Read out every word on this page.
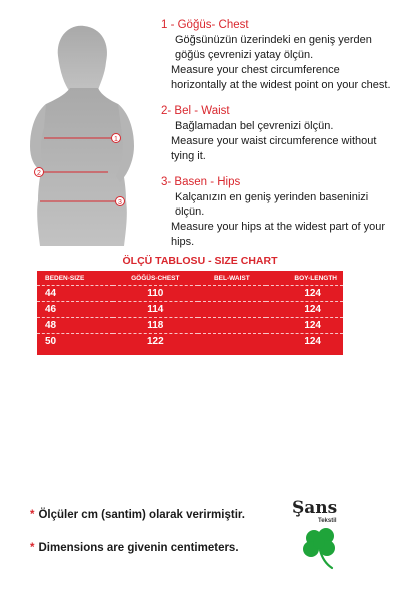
1
2
3
1 - Göğüs- Chest

Göğsünüzün üzerindeki en geniş yerden göğüs çevrenizi yatay ölçün.

Measure your chest circumference horizontally at the widest point on your chest.

2- Bel - Waist

Bağlamadan bel çevrenizi ölçün.

Measure your waist circumference without tying it.

3- Basen - Hips

Kalçanızın en geniş yerinden baseninizi ölçün.

Measure your hips at the widest part of your hips.

ÖLÇÜ TABLOSU - SIZE CHART
BEDEN-SIZE	GÖĞÜS-CHEST	BEL-WAIST	BOY-LENGTH
44	110		124
46	114		124
48	118		124
50	122		124
* Ölçüler cm (santim) olarak verirmiştir.
* Dimensions are givenin centimeters.
Şans
Tekstil
